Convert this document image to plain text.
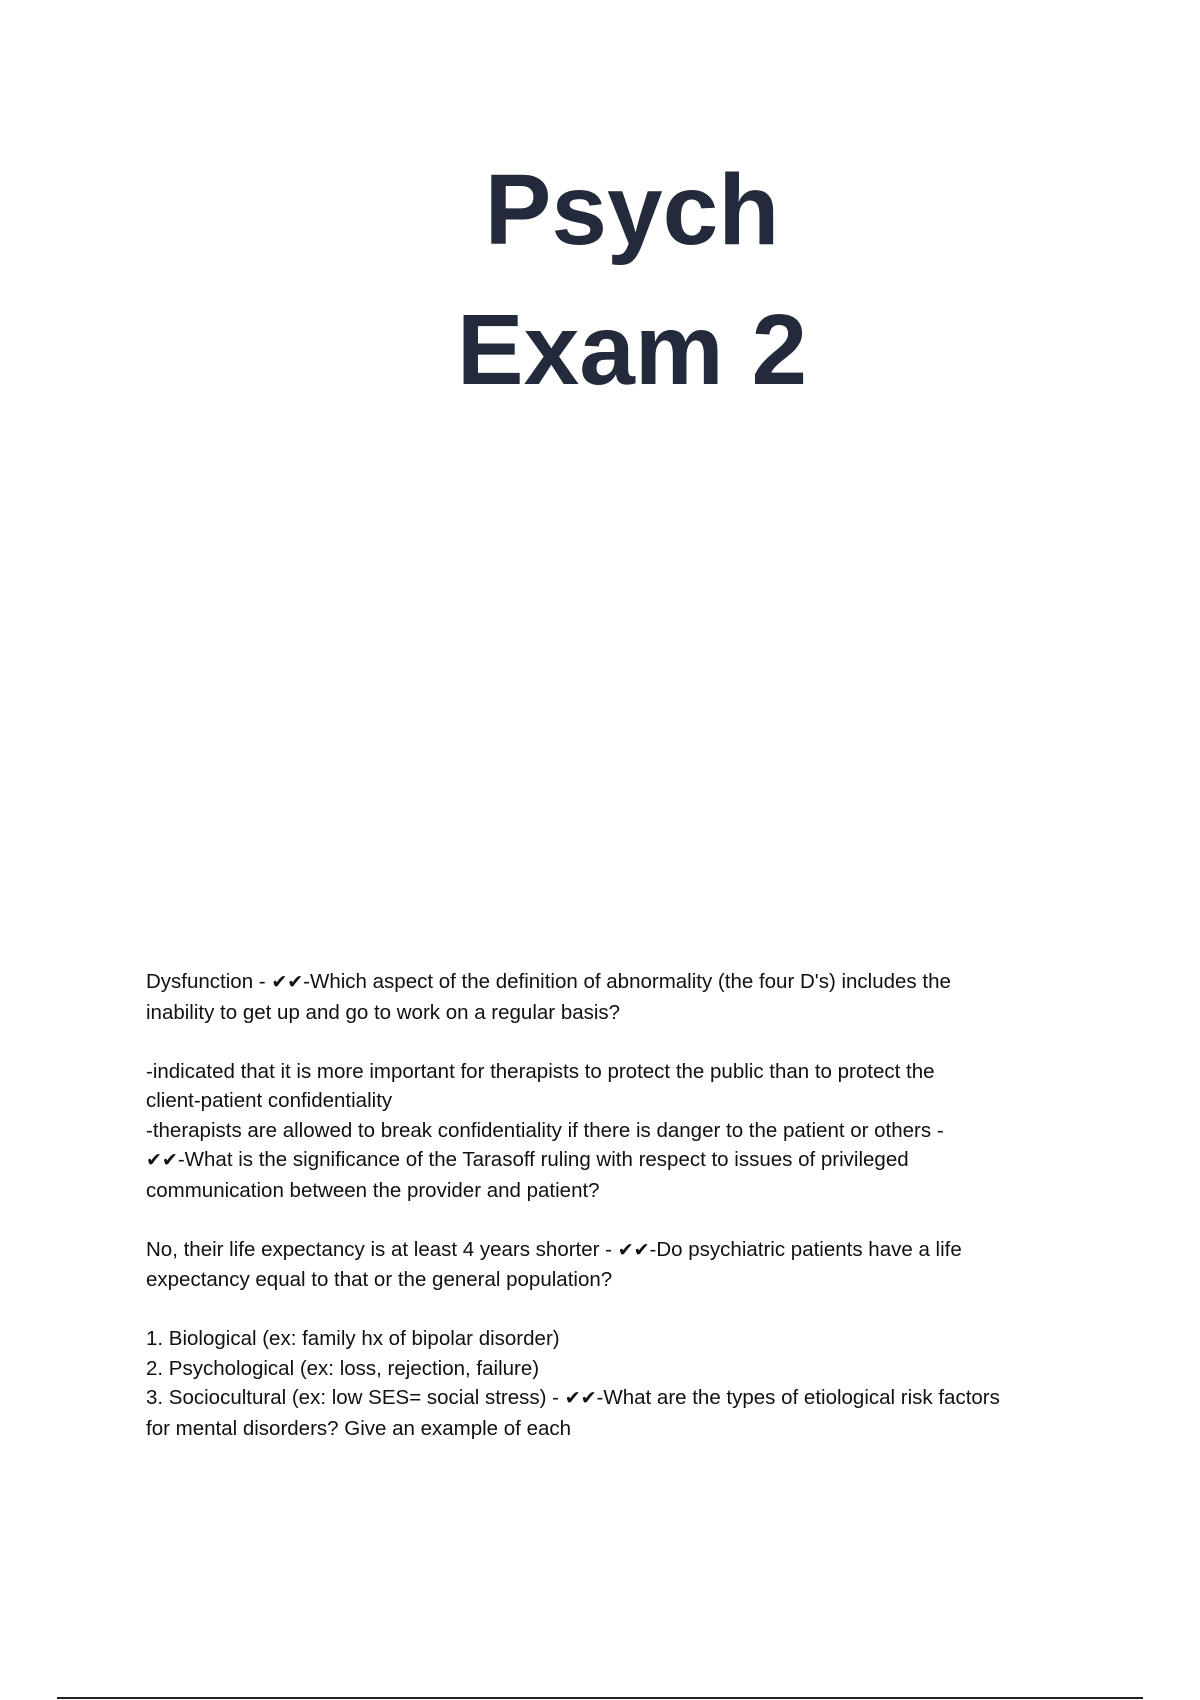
Psych
Exam 2
Dysfunction - ✔✔-Which aspect of the definition of abnormality (the four D's) includes the
inability to get up and go to work on a regular basis?
-indicated that it is more important for therapists to protect the public than to protect the
client-patient confidentiality
-therapists are allowed to break confidentiality if there is danger to the patient or others -
✔✔-What is the significance of the Tarasoff ruling with respect to issues of privileged
communication between the provider and patient?
No, their life expectancy is at least 4 years shorter - ✔✔-Do psychiatric patients have a life
expectancy equal to that or the general population?
1. Biological (ex: family hx of bipolar disorder)
2. Psychological (ex: loss, rejection, failure)
3. Sociocultural (ex: low SES= social stress) - ✔✔-What are the types of etiological risk factors
for mental disorders? Give an example of each
